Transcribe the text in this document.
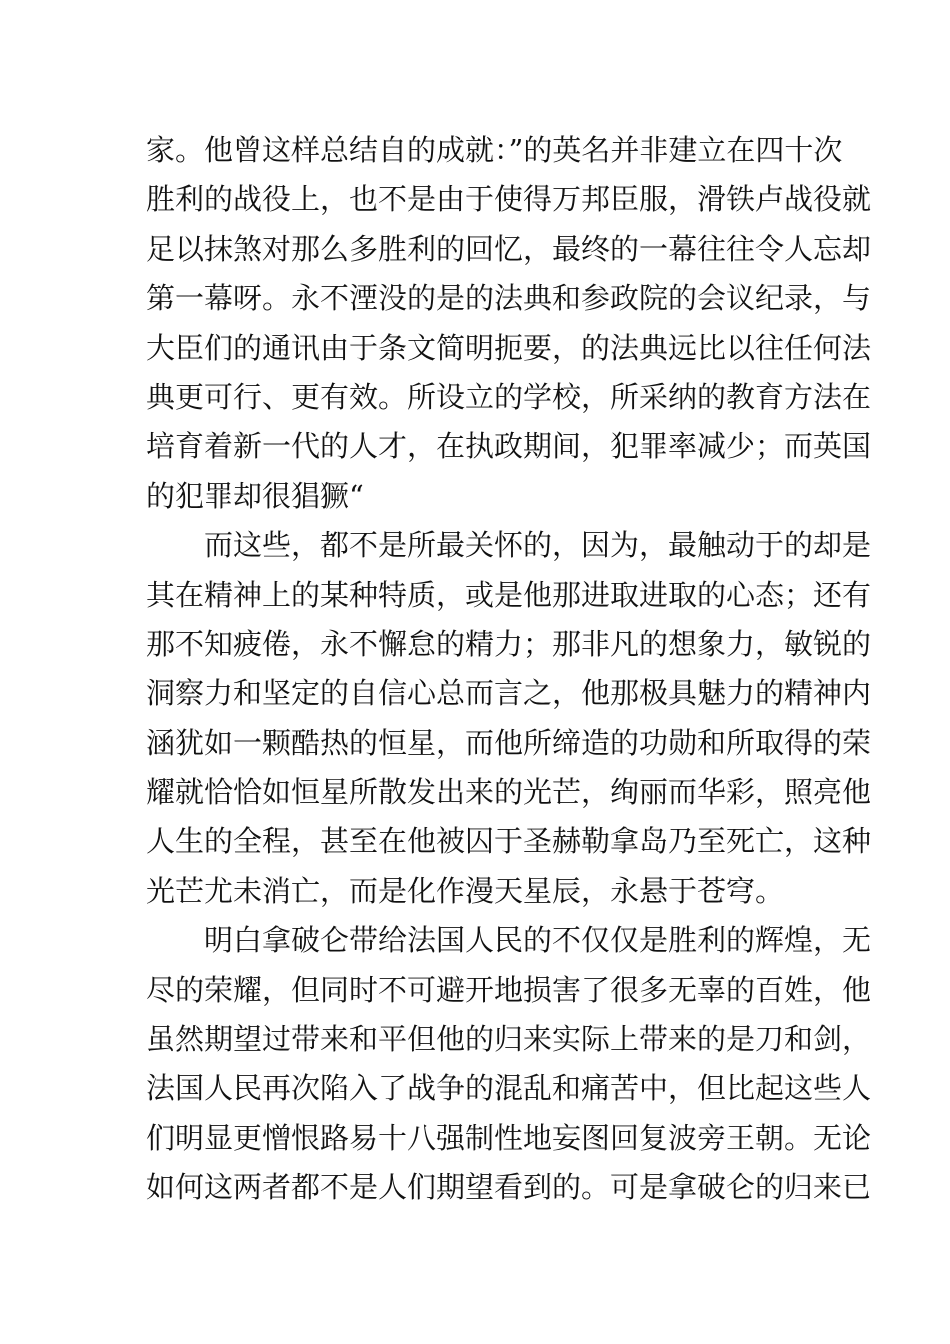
家。他曾这样总结自的成就：”的英名并非建立在四十次
胜利的战役上，也不是由于使得万邦臣服，滑铁卢战役就
足以抹煞对那么多胜利的回忆，最终的一幕往往令人忘却
第一幕呀。永不湮没的是的法典和参政院的会议纪录，与
大臣们的通讯由于条文简明扼要，的法典远比以往任何法
典更可行、更有效。所设立的学校，所采纳的教育方法在
培育着新一代的人才，在执政期间，犯罪率减少；而英国
的犯罪却很猖獗“
而这些，都不是所最关怀的，因为，最触动于的却是
其在精神上的某种特质，或是他那进取进取的心态；还有
那不知疲倦，永不懈怠的精力；那非凡的想象力，敏锐的
洞察力和坚定的自信心总而言之，他那极具魅力的精神内
涵犹如一颗酷热的恒星，而他所缔造的功勋和所取得的荣
耀就恰恰如恒星所散发出来的光芒，绚丽而华彩，照亮他
人生的全程，甚至在他被囚于圣赫勒拿岛乃至死亡，这种
光芒尤未消亡，而是化作漫天星辰，永悬于苍穹。
明白拿破仑带给法国人民的不仅仅是胜利的辉煌，无
尽的荣耀，但同时不可避开地损害了很多无辜的百姓，他
虽然期望过带来和平但他的归来实际上带来的是刀和剑，
法国人民再次陷入了战争的混乱和痛苦中，但比起这些人
们明显更憎恨路易十八强制性地妄图回复波旁王朝。无论
如何这两者都不是人们期望看到的。可是拿破仑的归来已
